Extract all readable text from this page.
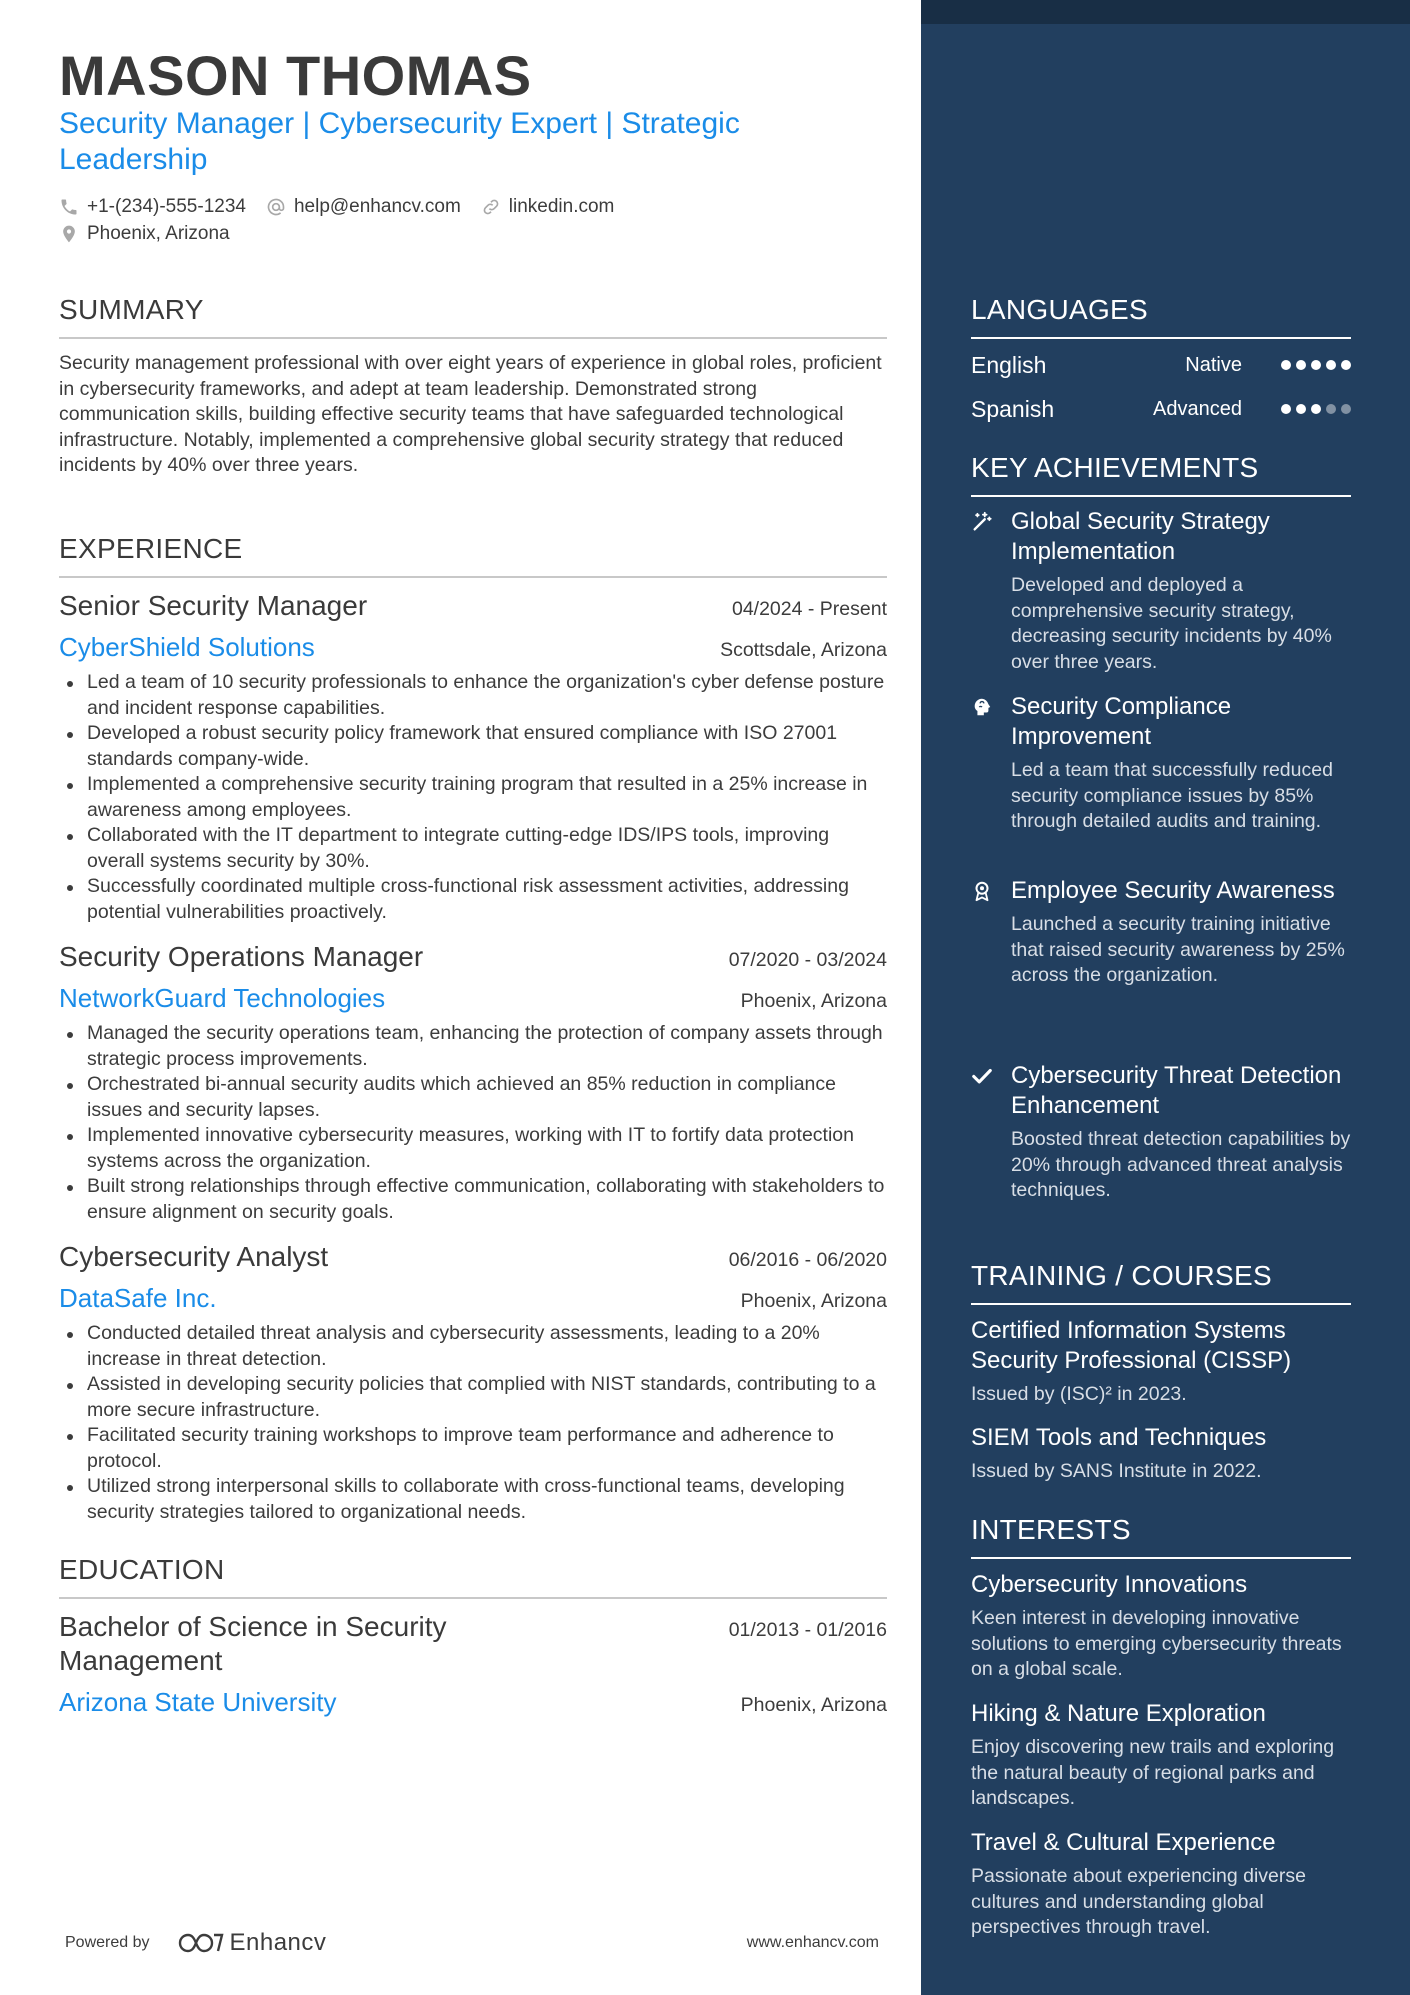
MASON THOMAS
Security Manager | Cybersecurity Expert | Strategic Leadership
+1-(234)-555-1234	help@enhancv.com	linkedin.com
Phoenix, Arizona
SUMMARY
Security management professional with over eight years of experience in global roles, proficient in cybersecurity frameworks, and adept at team leadership. Demonstrated strong communication skills, building effective security teams that have safeguarded technological infrastructure. Notably, implemented a comprehensive global security strategy that reduced incidents by 40% over three years.
EXPERIENCE
Senior Security Manager	04/2024 - Present
CyberShield Solutions	Scottsdale, Arizona
Led a team of 10 security professionals to enhance the organization's cyber defense posture and incident response capabilities.
Developed a robust security policy framework that ensured compliance with ISO 27001 standards company-wide.
Implemented a comprehensive security training program that resulted in a 25% increase in awareness among employees.
Collaborated with the IT department to integrate cutting-edge IDS/IPS tools, improving overall systems security by 30%.
Successfully coordinated multiple cross-functional risk assessment activities, addressing potential vulnerabilities proactively.
Security Operations Manager	07/2020 - 03/2024
NetworkGuard Technologies	Phoenix, Arizona
Managed the security operations team, enhancing the protection of company assets through strategic process improvements.
Orchestrated bi-annual security audits which achieved an 85% reduction in compliance issues and security lapses.
Implemented innovative cybersecurity measures, working with IT to fortify data protection systems across the organization.
Built strong relationships through effective communication, collaborating with stakeholders to ensure alignment on security goals.
Cybersecurity Analyst	06/2016 - 06/2020
DataSafe Inc.	Phoenix, Arizona
Conducted detailed threat analysis and cybersecurity assessments, leading to a 20% increase in threat detection.
Assisted in developing security policies that complied with NIST standards, contributing to a more secure infrastructure.
Facilitated security training workshops to improve team performance and adherence to protocol.
Utilized strong interpersonal skills to collaborate with cross-functional teams, developing security strategies tailored to organizational needs.
EDUCATION
Bachelor of Science in Security Management
01/2013 - 01/2016
Arizona State University	Phoenix, Arizona
Powered by	Enhancv	www.enhancv.com
LANGUAGES
English	Native
Spanish	Advanced
KEY ACHIEVEMENTS
Global Security Strategy Implementation
Developed and deployed a comprehensive security strategy, decreasing security incidents by 40% over three years.
Security Compliance Improvement
Led a team that successfully reduced security compliance issues by 85% through detailed audits and training.
Employee Security Awareness
Launched a security training initiative that raised security awareness by 25% across the organization.
Cybersecurity Threat Detection Enhancement
Boosted threat detection capabilities by 20% through advanced threat analysis techniques.
TRAINING / COURSES
Certified Information Systems Security Professional (CISSP)
Issued by (ISC)² in 2023.
SIEM Tools and Techniques
Issued by SANS Institute in 2022.
INTERESTS
Cybersecurity Innovations
Keen interest in developing innovative solutions to emerging cybersecurity threats on a global scale.
Hiking & Nature Exploration
Enjoy discovering new trails and exploring the natural beauty of regional parks and landscapes.
Travel & Cultural Experience
Passionate about experiencing diverse cultures and understanding global perspectives through travel.
